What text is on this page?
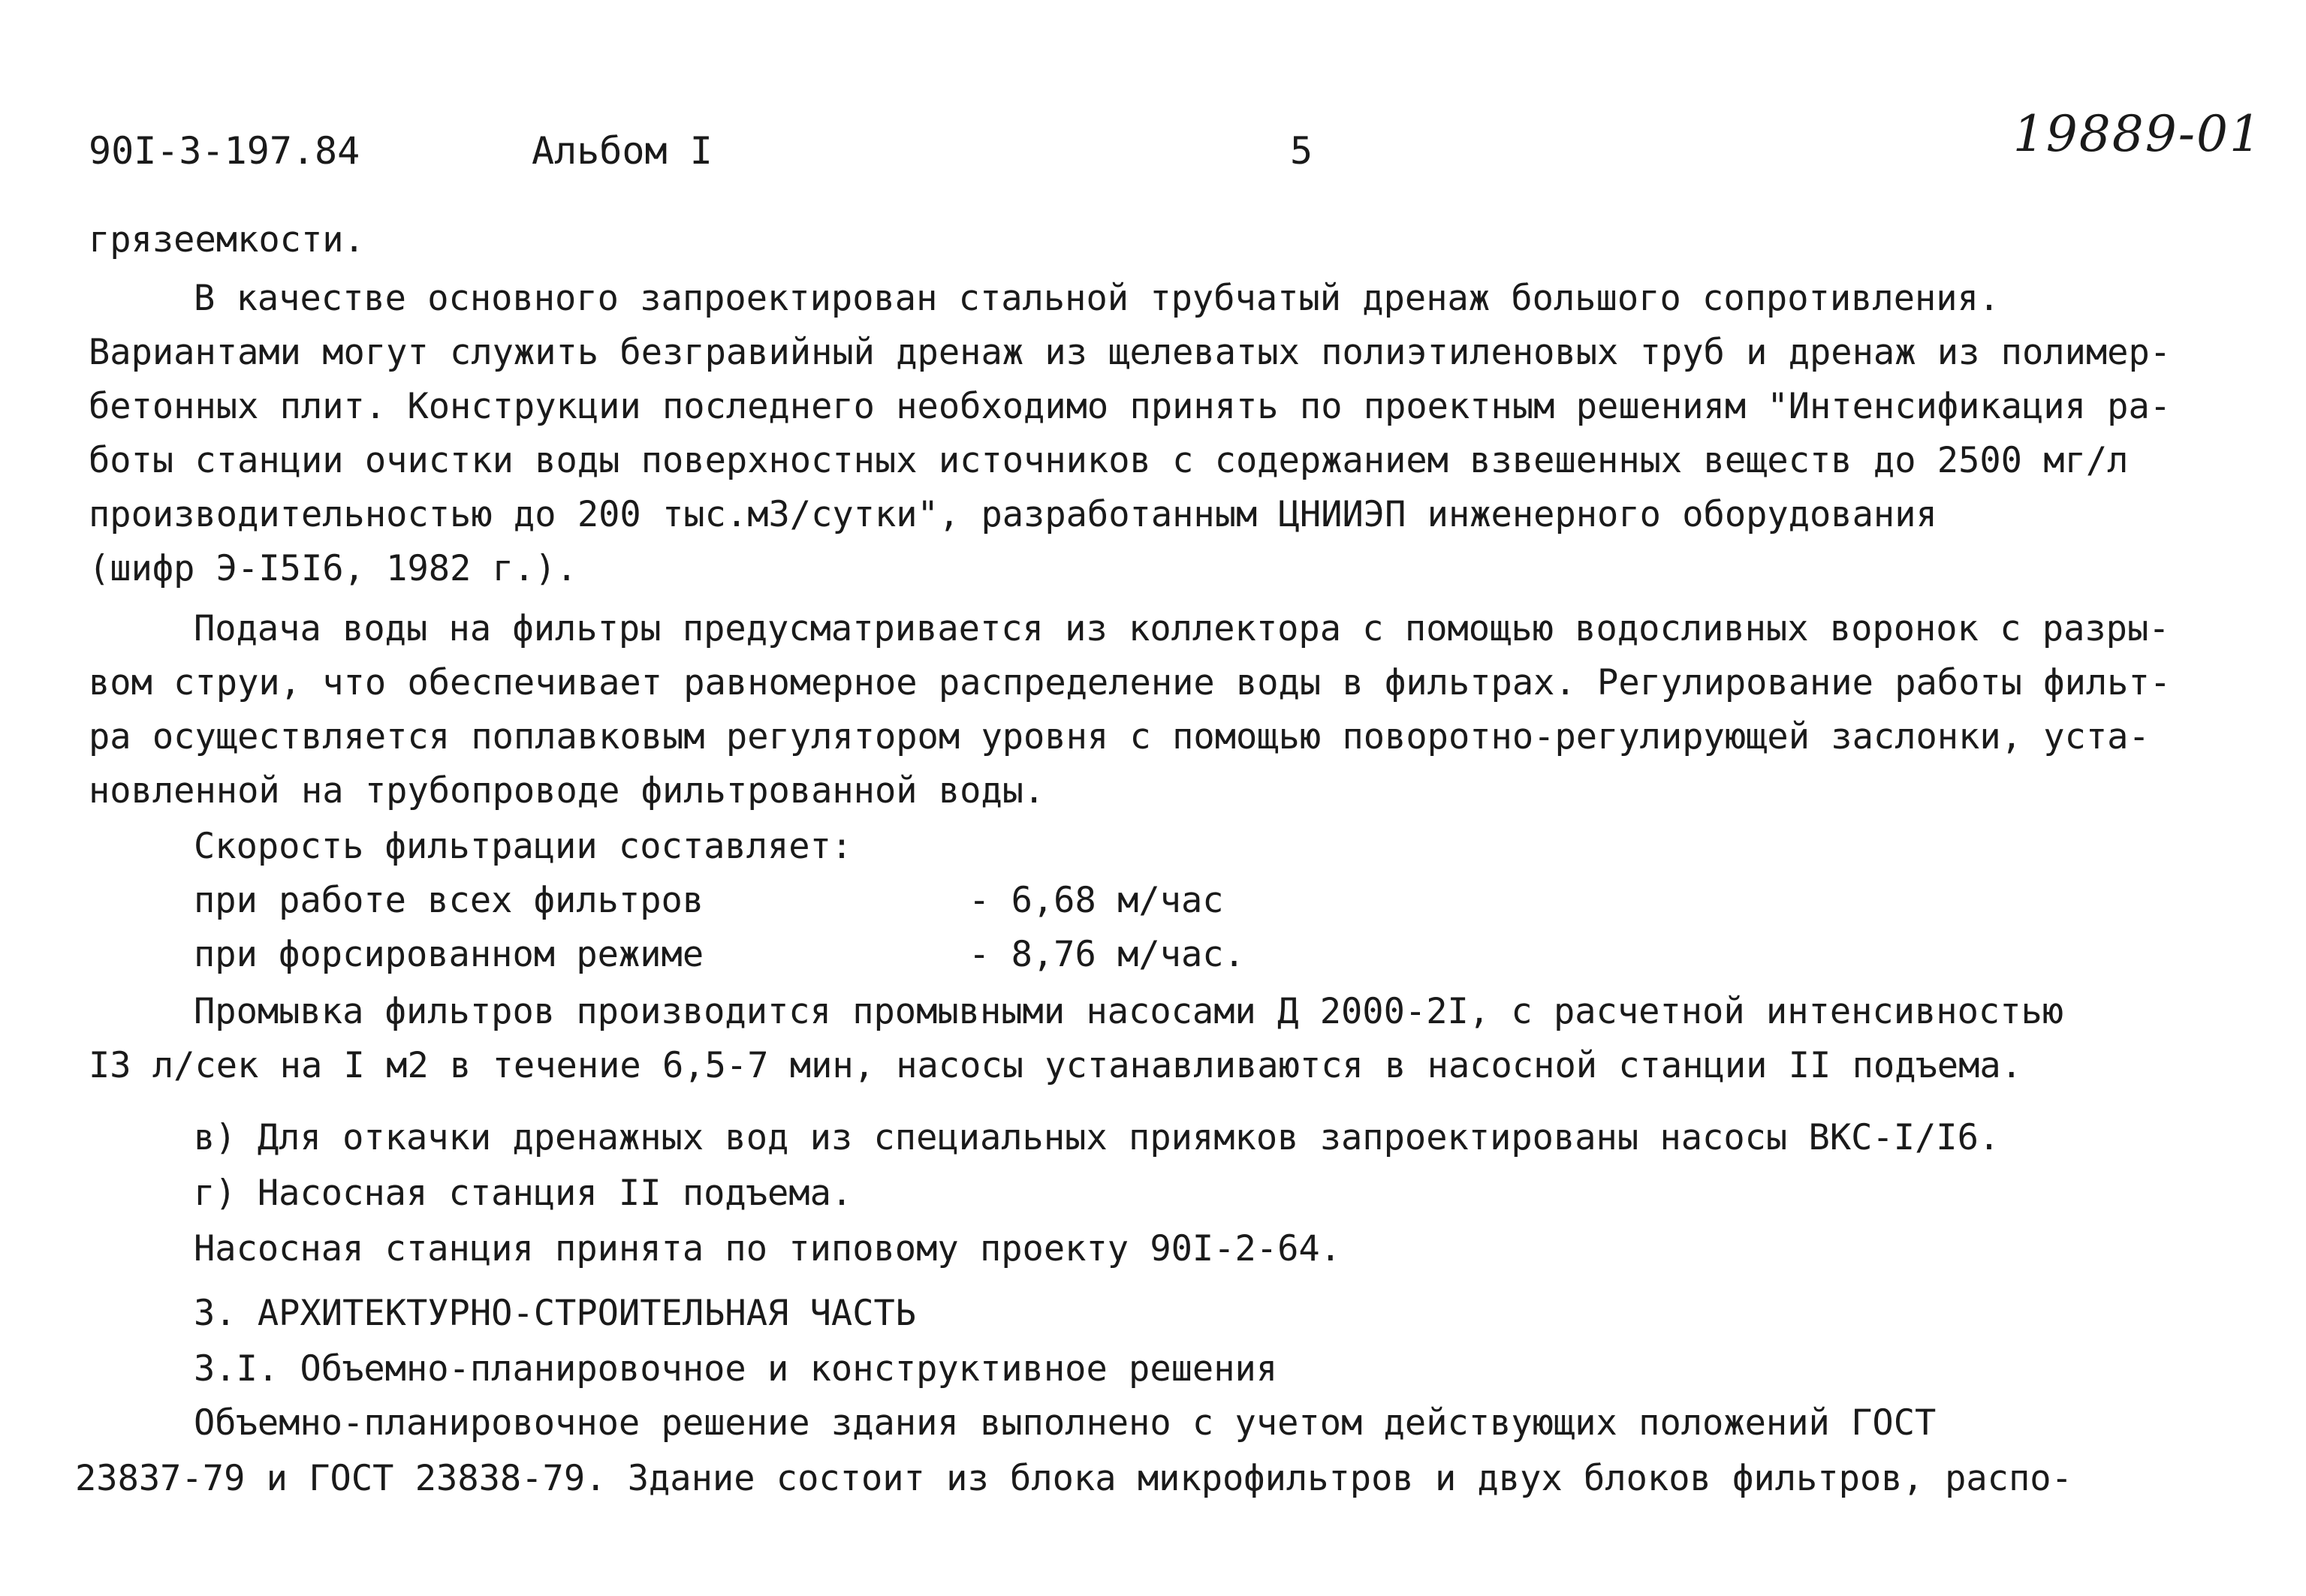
90I-3-197.84	Альбом I	5	19889-01
грязеемкости.
В качестве основного запроектирован стальной трубчатый дренаж большого сопротивления.
Вариантами могут служить безгравийный дренаж из щелеватых полиэтиленовых труб и дренаж из полимер-
бетонных плит. Конструкции последнего необходимо принять по проектным решениям "Интенсификация ра-
боты станции очистки воды поверхностных источников с содержанием взвешенных веществ до 2500 мг/л
производительностью до 200 тыс.м3/сутки", разработанным ЦНИИЭП инженерного оборудования
(шифр Э-I5I6, 1982 г.).
Подача воды на фильтры предусматривается из коллектора с помощью водосливных воронок с разры-
вом струи, что обеспечивает равномерное распределение воды в фильтрах. Регулирование работы фильт-
ра осуществляется поплавковым регулятором уровня с помощью поворотно-регулирующей заслонки, уста-
новленной на трубопроводе фильтрованной воды.
Скорость фильтрации составляет:
при работе всех фильтров	- 6,68 м/час
при форсированном режиме	- 8,76 м/час.
Промывка фильтров производится промывными насосами Д 2000-2I, с расчетной интенсивностью
I3 л/сек на I м2 в течение 6,5-7 мин, насосы устанавливаются в насосной станции II подъема.
в) Для откачки дренажных вод из специальных приямков запроектированы насосы ВКС-I/I6.
г) Насосная станция II подъема.
Насосная станция принята по типовому проекту 90I-2-64.
3. АРХИТЕКТУРНО-СТРОИТЕЛЬНАЯ ЧАСТЬ
3.I. Объемно-планировочное и конструктивное решения
Объемно-планировочное решение здания выполнено с учетом действующих положений ГОСТ
23837-79 и ГОСТ 23838-79. Здание состоит из блока микрофильтров и двух блоков фильтров, распо-
